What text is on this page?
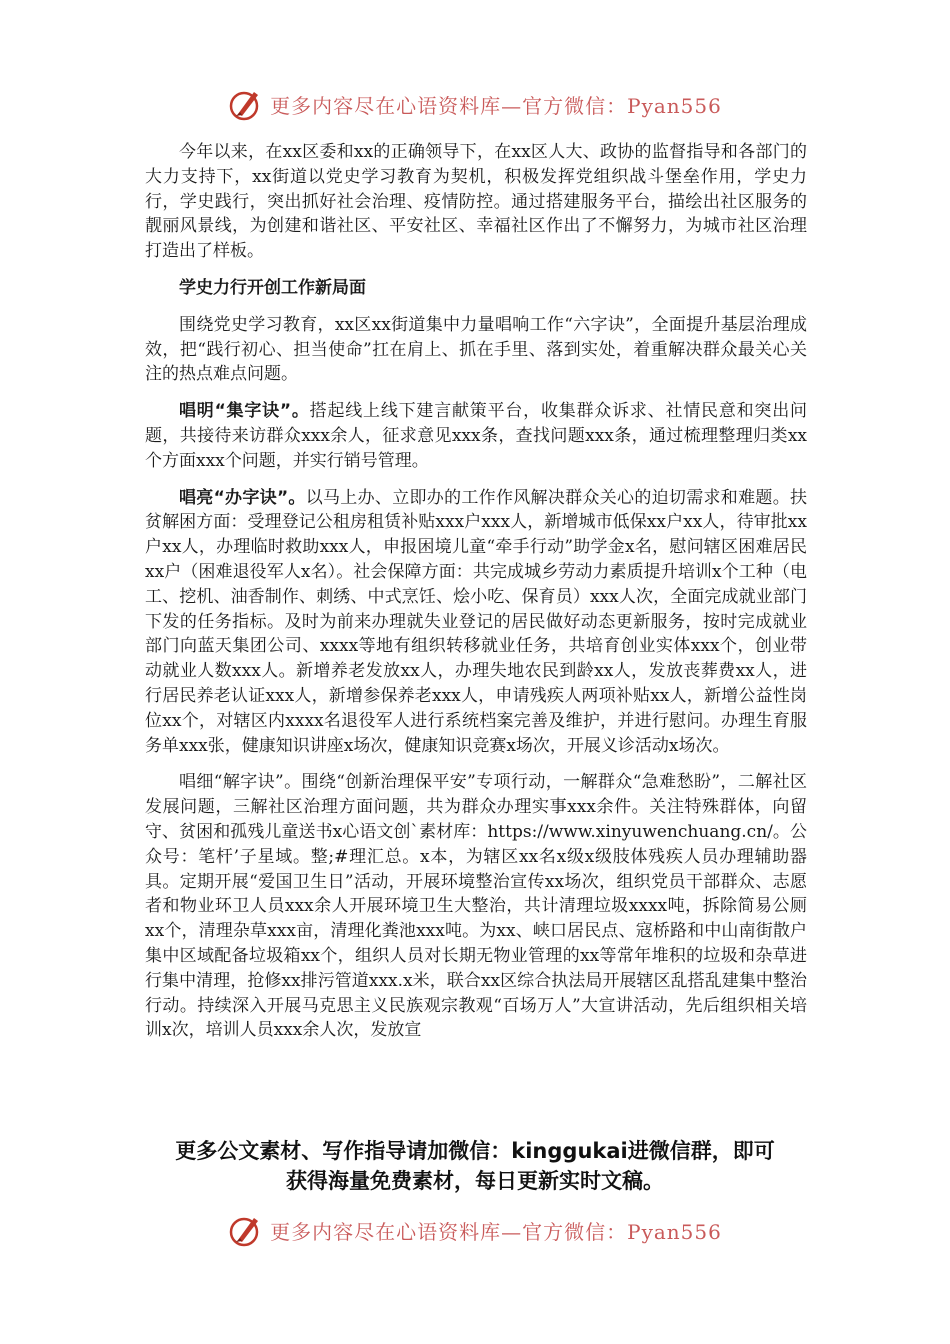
更多内容尽在心语资料库—官方微信：Pyan556

今年以来，在xx区委和xx的正确领导下，在xx区人大、政协的监督指导和各部门的大力支持下，xx街道以党史学习教育为契机，积极发挥党组织战斗堡垒作用，学史力行，学史践行，突出抓好社会治理、疫情防控。通过搭建服务平台，描绘出社区服务的靓丽风景线，为创建和谐社区、平安社区、幸福社区作出了不懈努力，为城市社区治理打造出了样板。

学史力行开创工作新局面

围绕党史学习教育，xx区xx街道集中力量唱响工作“六字诀”，全面提升基层治理成效，把“践行初心、担当使命”扛在肩上、抓在手里、落到实处，着重解决群众最关心关注的热点难点问题。

唱明“集字诀”。搭起线上线下建言献策平台，收集群众诉求、社情民意和突出问题，共接待来访群众xxx余人，征求意见xxx条，查找问题xxx条，通过梳理整理归类xx个方面xxx个问题，并实行销号管理。

唱亮“办字诀”。以马上办、立即办的工作作风解决群众关心的迫切需求和难题。扶贫解困方面：受理登记公租房租赁补贴xxx户xxx人，新增城市低保xx户xx人，待审批xx户xx人，办理临时救助xxx人，申报困境儿童“牵手行动”助学金x名，慰问辖区困难居民xx户（困难退役军人x名）。社会保障方面：共完成城乡劳动力素质提升培训x个工种（电工、挖机、油香制作、刺绣、中式烹饪、烩小吃、保育员）xxx人次，全面完成就业部门下发的任务指标。及时为前来办理就失业登记的居民做好动态更新服务，按时完成就业部门向蓝天集团公司、xxxx等地有组织转移就业任务，共培育创业实体xxx个，创业带动就业人数xxx人。新增养老发放xx人，办理失地农民到龄xx人，发放丧葬费xx人，进行居民养老认证xxx人，新增参保养老xxx人，申请残疾人两项补贴xx人，新增公益性岗位xx个，对辖区内xxxx名退役军人进行系统档案完善及维护，并进行慰问。办理生育服务单xxx张，健康知识讲座x场次，健康知识竞赛x场次，开展义诊活动x场次。

唱细“解字诀”。围绕“创新治理保平安”专项行动，一解群众“急难愁盼”，二解社区发展问题，三解社区治理方面问题，共为群众办理实事xxx余件。关注特殊群体，向留守、贫困和孤残儿童送书x心语文创`素材库：https://www.xinyuwenchuang.cn/。公众号：笔杆’子星域。整;#理汇总。x本，为辖区xx名x级x级肢体残疾人员办理辅助器具。定期开展“爱国卫生日”活动，开展环境整治宣传xx场次，组织党员干部群众、志愿者和物业环卫人员xxx余人开展环境卫生大整治，共计清理垃圾xxxx吨，拆除简易公厕xx个，清理杂草xxx亩，清理化粪池xxx吨。为xx、峡口居民点、寇桥路和中山南街散户集中区域配备垃圾箱xx个，组织人员对长期无物业管理的xx等常年堆积的垃圾和杂草进行集中清理，抢修xx排污管道xxx.x米，联合xx区综合执法局开展辖区乱搭乱建集中整治行动。持续深入开展马克思主义民族观宗教观“百场万人”大宣讲活动，先后组织相关培训x次，培训人员xxx余人次，发放宣

更多公文素材、写作指导请加微信：kinggukai进微信群，即可
获得海量免费素材，每日更新实时文稿。
更多内容尽在心语资料库—官方微信：Pyan556
